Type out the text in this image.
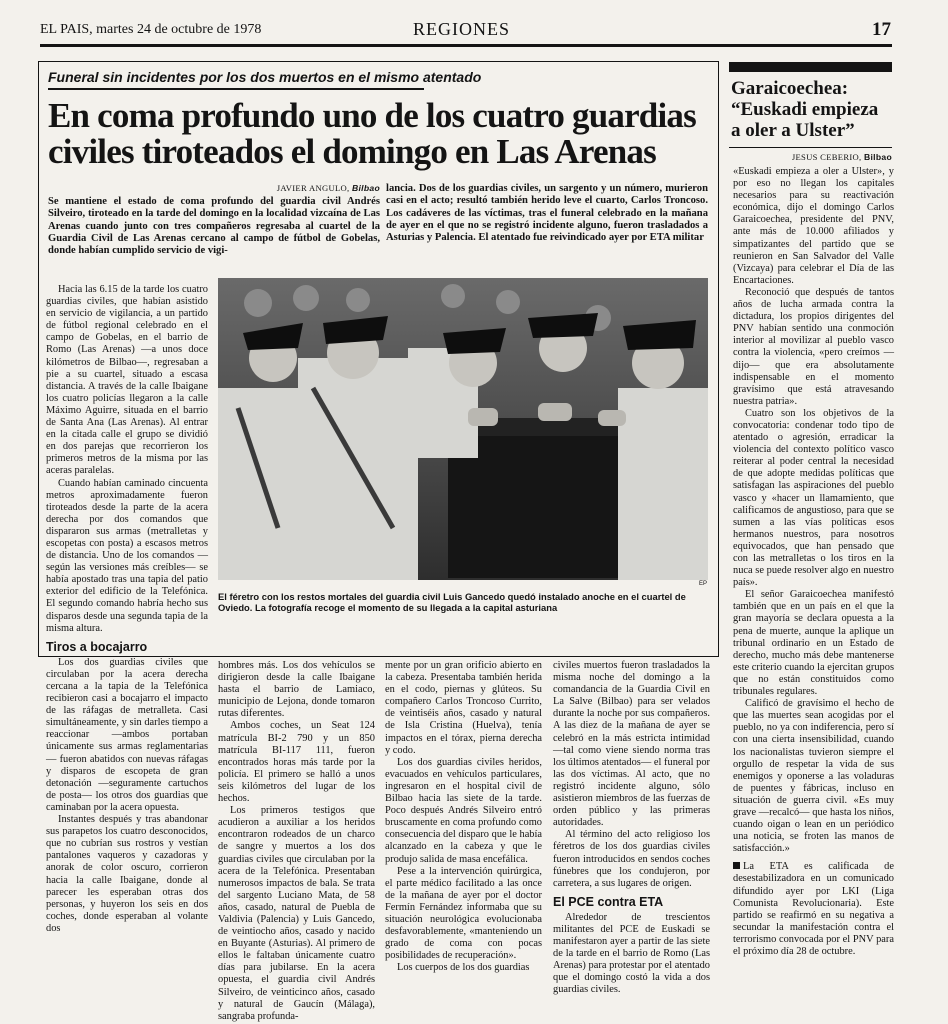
EL PAIS, martes 24 de octubre de 1978	REGIONES	17
Funeral sin incidentes por los dos muertos en el mismo atentado
En coma profundo uno de los cuatro guardias
civiles tiroteados el domingo en Las Arenas
JAVIER ANGULO, Bilbao
Se mantiene el estado de coma profundo del guardia civil Andrés Silveiro, tiroteado en la tarde del domingo en la localidad vizcaína de Las Arenas cuando junto con tres compañeros regresaba al cuartel de la Guardia Civil de Las Arenas cercano al campo de fútbol de Gobelas, donde habían cumplido servicio de vigi-
lancia. Dos de los guardias civiles, un sargento y un número, murieron casi en el acto; resultó también herido leve el cuarto, Carlos Troncoso. Los cadáveres de las víctimas, tras el funeral celebrado en la mañana de ayer en el que no se registró incidente alguno, fueron trasladados a Asturias y Palencia. El atentado fue reivindicado ayer por ETA militar
EP
El féretro con los restos mortales del guardia civil Luis Gancedo quedó instalado anoche en el cuartel de Oviedo. La fotografía recoge el momento de su llegada a la capital asturiana

Hacia las 6.15 de la tarde los cuatro guardias civiles, que habían asistido en servicio de vigilancia, a un partido de fútbol regional celebrado en el campo de Gobelas, en el barrio de Romo (Las Arenas) —a unos doce kilómetros de Bilbao—, regresaban a pie a su cuartel, situado a escasa distancia. A través de la calle Ibaigane los cuatro policías llegaron a la calle Máximo Aguirre, situada en el barrio de Santa Ana (Las Arenas). Al entrar en la citada calle el grupo se dividió en dos parejas que recorrieron los primeros metros de la misma por las aceras paralelas.

Cuando habían caminado cincuenta metros aproximadamente fueron tiroteados desde la parte de la acera derecha por dos comandos que dispararon sus armas (metralletas y escopetas con posta) a escasos metros de distancia. Uno de los comandos —según las versiones más creíbles— se había apostado tras una tapia del patio exterior del edificio de la Telefónica. El segundo comando habría hecho sus disparos desde una segunda tapia de la misma altura.

Tiros a bocajarro

Los dos guardias civiles que circulaban por la acera derecha cercana a la tapia de la Telefónica recibieron casi a bocajarro el impacto de las ráfagas de metralleta. Casi simultáneamente, y sin darles tiempo a reaccionar —ambos portaban únicamente sus armas reglamentarias— fueron abatidos con nuevas ráfagas y disparos de escopeta de gran detonación —seguramente cartuchos de posta— los otros dos guardias que caminaban por la acera opuesta.

Instantes después y tras abandonar sus parapetos los cuatro desconocidos, que no cubrían sus rostros y vestían pantalones vaqueros y cazadoras y anorak de color oscuro, corrieron hacia la calle Ibaigane, donde al parecer les esperaban otras dos personas, y huyeron los seis en dos coches, donde esperaban al volante dos

hombres más. Los dos vehículos se dirigieron desde la calle Ibaigane hasta el barrio de Lamiaco, municipio de Lejona, donde tomaron rutas diferentes.

Ambos coches, un Seat 124 matrícula BI-2 790 y un 850 matrícula BI-117 111, fueron encontrados horas más tarde por la policía. El primero se halló a unos seis kilómetros del lugar de los hechos.

Los primeros testigos que acudieron a auxiliar a los heridos encontraron rodeados de un charco de sangre y muertos a los dos guardias civiles que circulaban por la acera de la Telefónica. Presentaban numerosos impactos de bala. Se trata del sargento Luciano Mata, de 58 años, casado, natural de Puebla de Valdivia (Palencia) y Luis Gancedo, de veintiocho años, casado y nacido en Buyante (Asturias). Al primero de ellos le faltaban únicamente cuatro días para jubilarse. En la acera opuesta, el guardia civil Andrés Silveiro, de veinticinco años, casado y natural de Gaucín (Málaga), sangraba profunda-

mente por un gran orificio abierto en la cabeza. Presentaba también herida en el codo, piernas y glúteos. Su compañero Carlos Troncoso Currito, de veintiséis años, casado y natural de Isla Cristina (Huelva), tenía impactos en el tórax, pierna derecha y codo.

Los dos guardias civiles heridos, evacuados en vehículos particulares, ingresaron en el hospital civil de Bilbao hacia las siete de la tarde. Poco después Andrés Silveiro entró bruscamente en coma profundo como consecuencia del disparo que le había alcanzado en la cabeza y que le produjo salida de masa encefálica.

Pese a la intervención quirúrgica, el parte médico facilitado a las once de la mañana de ayer por el doctor Fermín Fernández informaba que su situación neurológica evolucionaba desfavorablemente, «manteniendo un grado de coma con pocas posibilidades de recuperación».

Los cuerpos de los dos guardias

civiles muertos fueron trasladados la misma noche del domingo a la comandancia de la Guardia Civil en La Salve (Bilbao) para ser velados durante la noche por sus compañeros. A las diez de la mañana de ayer se celebró en la más estricta intimidad —tal como viene siendo norma tras los últimos atentados— el funeral por las dos víctimas. Al acto, que no registró incidente alguno, sólo asistieron miembros de las fuerzas de orden público y las primeras autoridades.

Al término del acto religioso los féretros de los dos guardias civiles fueron introducidos en sendos coches fúnebres que los condujeron, por carretera, a sus lugares de origen.

El PCE contra ETA

Alrededor de trescientos militantes del PCE de Euskadi se manifestaron ayer a partir de las siete de la tarde en el barrio de Romo (Las Arenas) para protestar por el atentado que el domingo costó la vida a dos guardias civiles.

Garaicoechea:
“Euskadi empieza
a oler a Ulster”
JESUS CEBERIO, Bilbao

«Euskadi empieza a oler a Ulster», y por eso no llegan los capitales necesarios para su reactivación económica, dijo el domingo Carlos Garaicoechea, presidente del PNV, ante más de 10.000 afiliados y simpatizantes del partido que se reunieron en San Salvador del Valle (Vizcaya) para celebrar el Día de las Encartaciones.

Reconoció que después de tantos años de lucha armada contra la dictadura, los propios dirigentes del PNV habían sentido una conmoción interior al movilizar al pueblo vasco contra la violencia, «pero creímos —dijo— que era absolutamente indispensable en el momento gravísimo que está atravesando nuestra patria».

Cuatro son los objetivos de la convocatoria: condenar todo tipo de atentado o agresión, erradicar la violencia del contexto político vasco reiterar al poder central la necesidad de que adopte medidas políticas que satisfagan las aspiraciones del pueblo vasco y «hacer un llamamiento, que calificamos de angustioso, para que se sumen a las vías políticas esos hermanos nuestros, para nosotros equivocados, que han pensado que con las metralletas o los tiros en la nuca se puede resolver algo en nuestro país».

El señor Garaicoechea manifestó también que en un país en el que la gran mayoría se declara opuesta a la pena de muerte, aunque la aplique un tribunal ordinario en un Estado de derecho, mucho más debe mantenerse este criterio cuando la ejercitan grupos que no están constituidos como tribunales regulares.

Calificó de gravísimo el hecho de que las muertes sean acogidas por el pueblo, no ya con indiferencia, pero sí con una cierta insensibilidad, cuando los nacionalistas tuvieron siempre el orgullo de respetar la vida de sus enemigos y oponerse a las voladuras de puentes y fábricas, incluso en situación de guerra civil. «Es muy grave —recalcó— que hasta los niños, cuando oigan o lean en un periódico una noticia, se froten las manos de satisfacción.»

La ETA es calificada de desestabilizadora en un comunicado difundido ayer por LKI (Liga Comunista Revolucionaria). Este partido se reafirmó en su negativa a secundar la manifestación contra el terrorismo convocada por el PNV para el próximo día 28 de octubre.
